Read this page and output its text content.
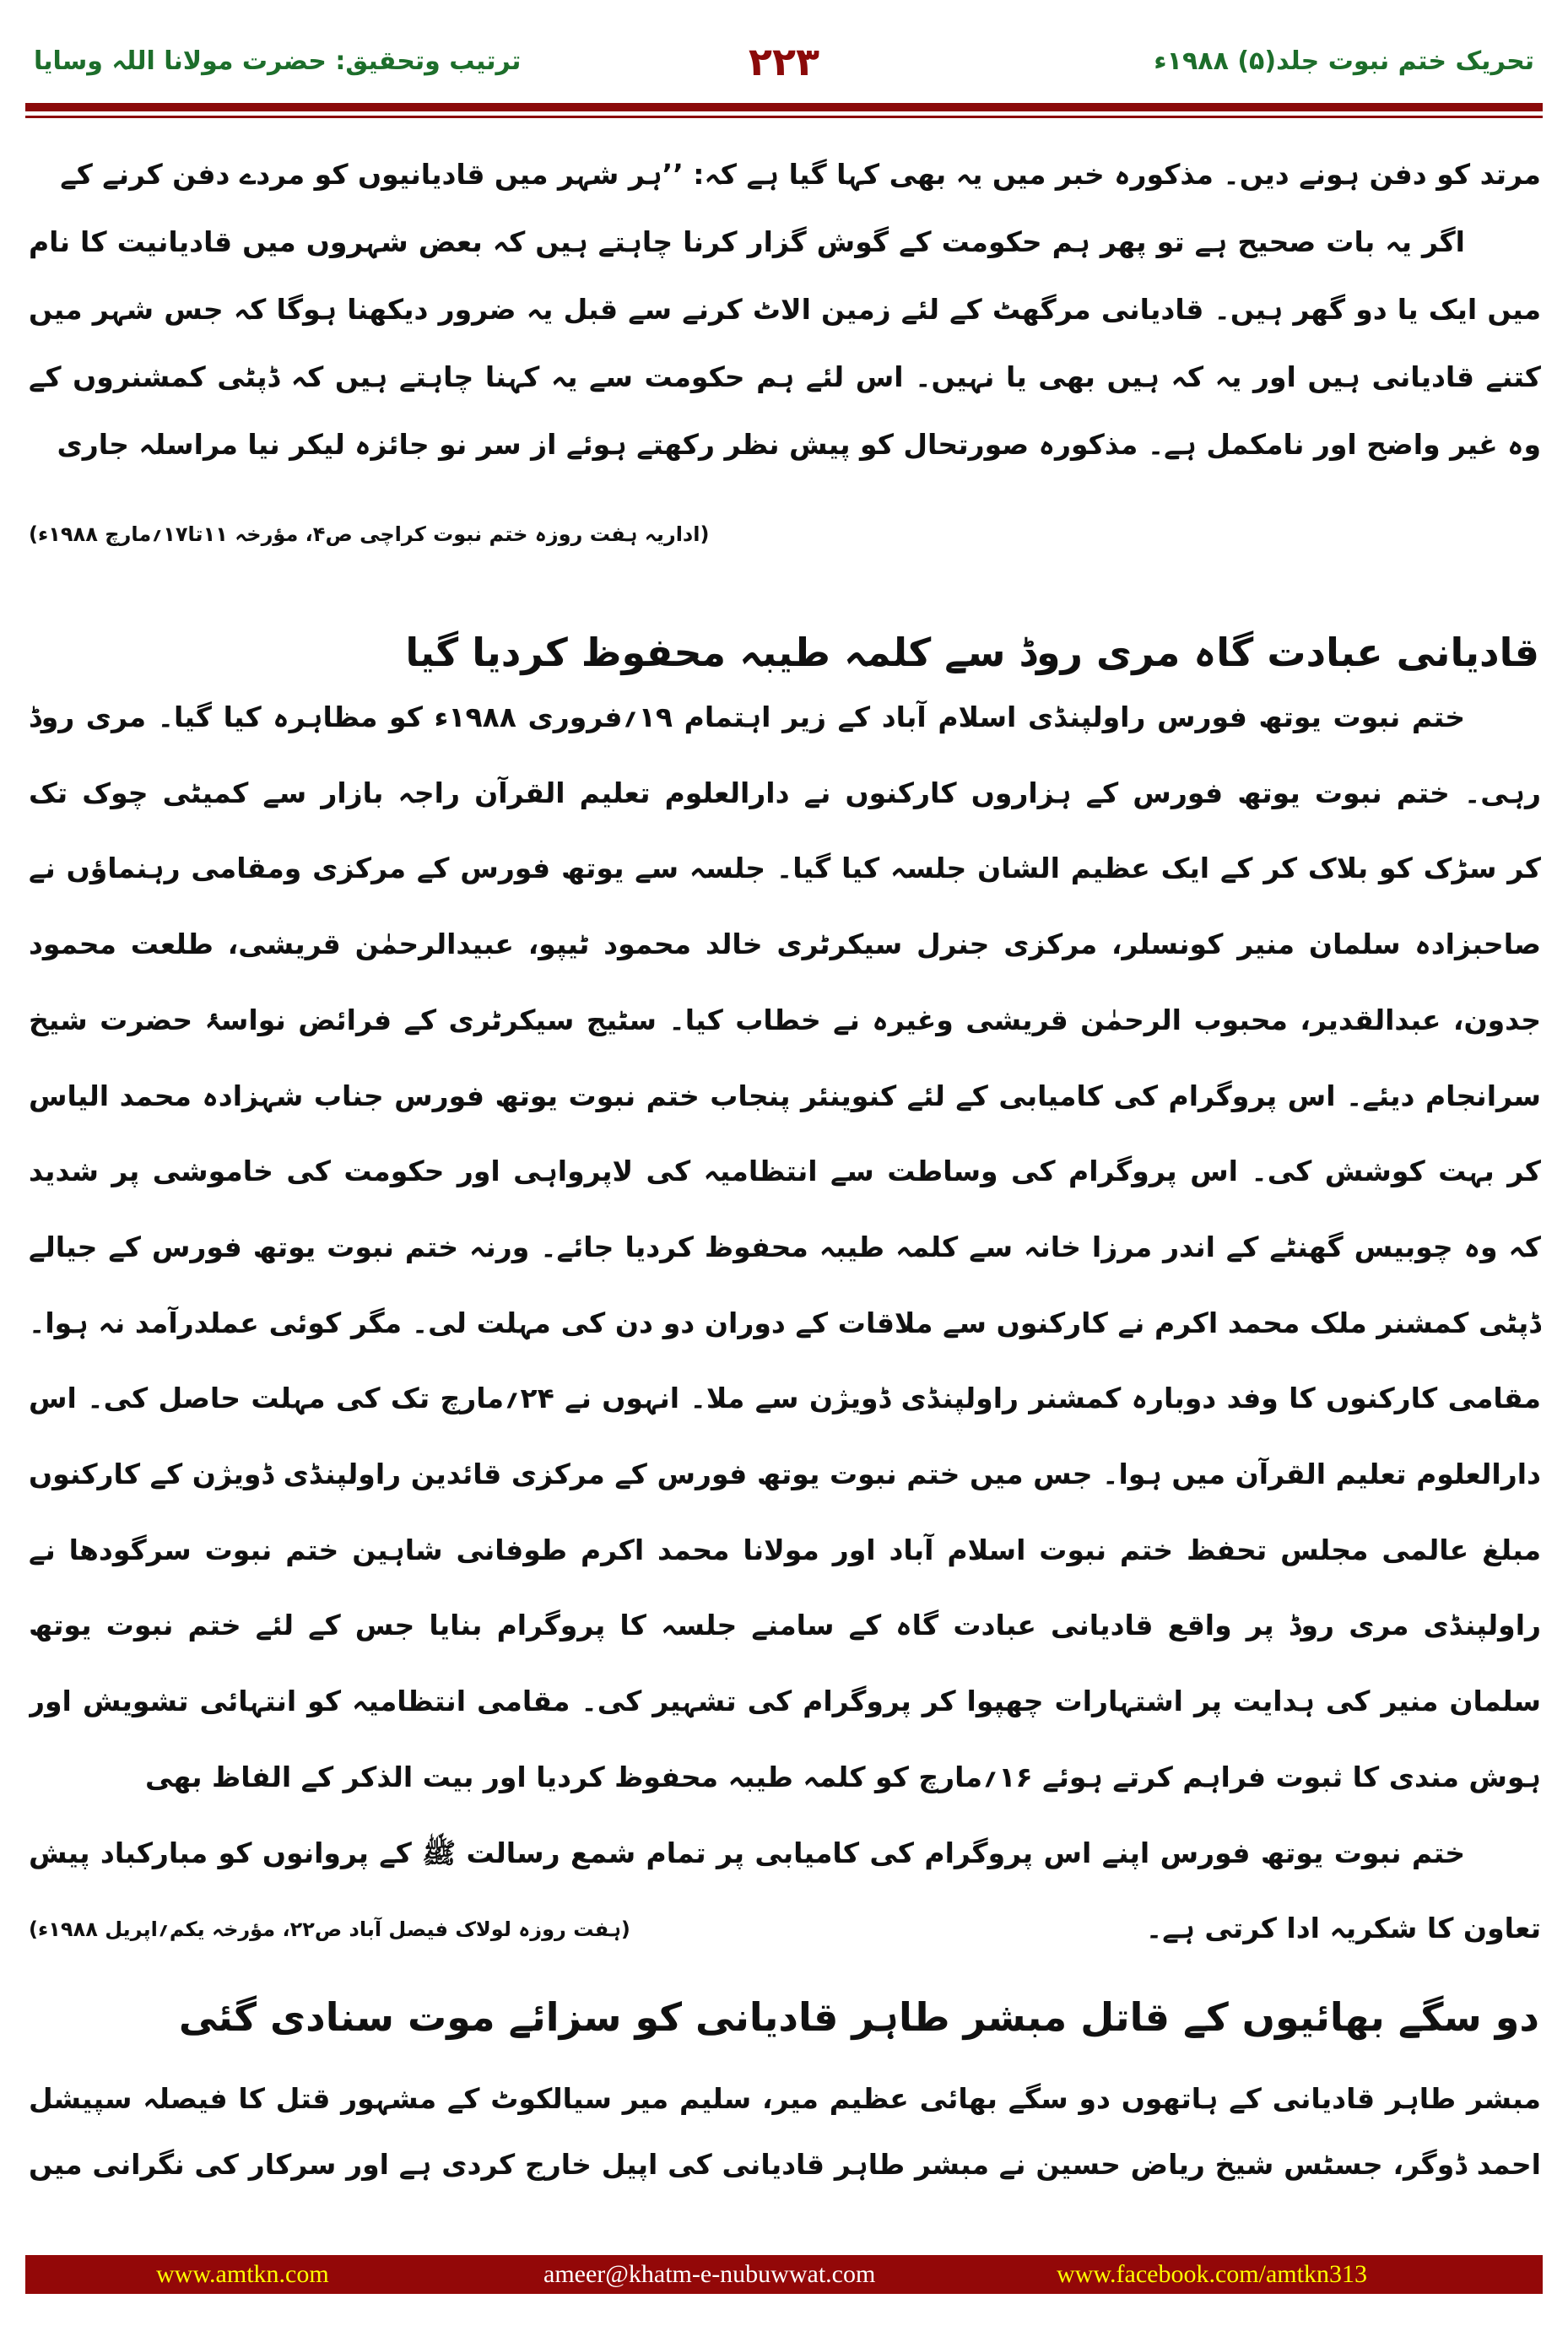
تحریک ختم نبوت جلد(۵) ۱۹۸۸ء
۲۲۳
ترتیب وتحقیق: حضرت مولانا اللہ وسایا
(اداریہ ہفت روزہ ختم نبوت کراچی ص۴، مؤرخہ ۱۱تا۱۷؍مارچ ۱۹۸۸ء)
قادیانی عبادت گاہ مری روڈ سے کلمہ طیبہ محفوظ کردیا گیا
(ہفت روزہ لولاک فیصل آباد ص۲۲، مؤرخہ یکم؍اپریل ۱۹۸۸ء)
دو سگے بھائیوں کے قاتل مبشر طاہر قادیانی کو سزائے موت سنادی گئی
مرتد کو دفن ہونے دیں۔ مذکورہ خبر میں یہ بھی کہا گیا ہے کہ: ’’ہر شہر میں قادیانیوں کو مردے دفن کرنے کے
اگر یہ بات صحیح ہے تو پھر ہم حکومت کے گوش گزار کرنا چاہتے ہیں کہ بعض شہروں میں قادیانیت کا نام
میں ایک یا دو گھر ہیں۔ قادیانی مرگھٹ کے لئے زمین الاٹ کرنے سے قبل یہ ضرور دیکھنا ہوگا کہ جس شہر میں
کتنے قادیانی ہیں اور یہ کہ ہیں بھی یا نہیں۔ اس لئے ہم حکومت سے یہ کہنا چاہتے ہیں کہ ڈپٹی کمشنروں کے
وہ غیر واضح اور نامکمل ہے۔ مذکورہ صورتحال کو پیش نظر رکھتے ہوئے از سر نو جائزہ لیکر نیا مراسلہ جاری
ختم نبوت یوتھ فورس راولپنڈی اسلام آباد کے زیر اہتمام ۱۹؍فروری ۱۹۸۸ء کو مظاہرہ کیا گیا۔ مری روڈ
رہی۔ ختم نبوت یوتھ فورس کے ہزاروں کارکنوں نے دارالعلوم تعلیم القرآن راجہ بازار سے کمیٹی چوک تک
کر سڑک کو بلاک کر کے ایک عظیم الشان جلسہ کیا گیا۔ جلسہ سے یوتھ فورس کے مرکزی ومقامی رہنماؤں نے
صاحبزادہ سلمان منیر کونسلر، مرکزی جنرل سیکرٹری خالد محمود ٹیپو، عبیدالرحمٰن قریشی، طلعت محمود
جدون، عبدالقدیر، محبوب الرحمٰن قریشی وغیرہ نے خطاب کیا۔ سٹیج سیکرٹری کے فرائض نواسۂ حضرت شیخ
سرانجام دیئے۔ اس پروگرام کی کامیابی کے لئے کنوینئر پنجاب ختم نبوت یوتھ فورس جناب شہزادہ محمد الیاس
کر بہت کوشش کی۔ اس پروگرام کی وساطت سے انتظامیہ کی لاپرواہی اور حکومت کی خاموشی پر شدید
کہ وہ چوبیس گھنٹے کے اندر مرزا خانہ سے کلمہ طیبہ محفوظ کردیا جائے۔ ورنہ ختم نبوت یوتھ فورس کے جیالے
ڈپٹی کمشنر ملک محمد اکرم نے کارکنوں سے ملاقات کے دوران دو دن کی مہلت لی۔ مگر کوئی عملدرآمد نہ ہوا۔
مقامی کارکنوں کا وفد دوبارہ کمشنر راولپنڈی ڈویژن سے ملا۔ انہوں نے ۲۴؍مارچ تک کی مہلت حاصل کی۔ اس
دارالعلوم تعلیم القرآن میں ہوا۔ جس میں ختم نبوت یوتھ فورس کے مرکزی قائدین راولپنڈی ڈویژن کے کارکنوں
مبلغ عالمی مجلس تحفظ ختم نبوت اسلام آباد اور مولانا محمد اکرم طوفانی شاہین ختم نبوت سرگودھا نے
راولپنڈی مری روڈ پر واقع قادیانی عبادت گاہ کے سامنے جلسہ کا پروگرام بنایا جس کے لئے ختم نبوت یوتھ
سلمان منیر کی ہدایت پر اشتہارات چھپوا کر پروگرام کی تشہیر کی۔ مقامی انتظامیہ کو انتہائی تشویش اور
ہوش مندی کا ثبوت فراہم کرتے ہوئے ۱۶؍مارچ کو کلمہ طیبہ محفوظ کردیا اور بیت الذکر کے الفاظ بھی
ختم نبوت یوتھ فورس اپنے اس پروگرام کی کامیابی پر تمام شمع رسالت ﷺ کے پروانوں کو مبارکباد پیش
تعاون کا شکریہ ادا کرتی ہے۔
مبشر طاہر قادیانی کے ہاتھوں دو سگے بھائی عظیم میر، سلیم میر سیالکوٹ کے مشہور قتل کا فیصلہ سپیشل
احمد ڈوگر، جسٹس شیخ ریاض حسین نے مبشر طاہر قادیانی کی اپیل خارج کردی ہے اور سرکار کی نگرانی میں
www.amtkn.com	ameer@khatm-e-nubuwwat.com	www.facebook.com/amtkn313
